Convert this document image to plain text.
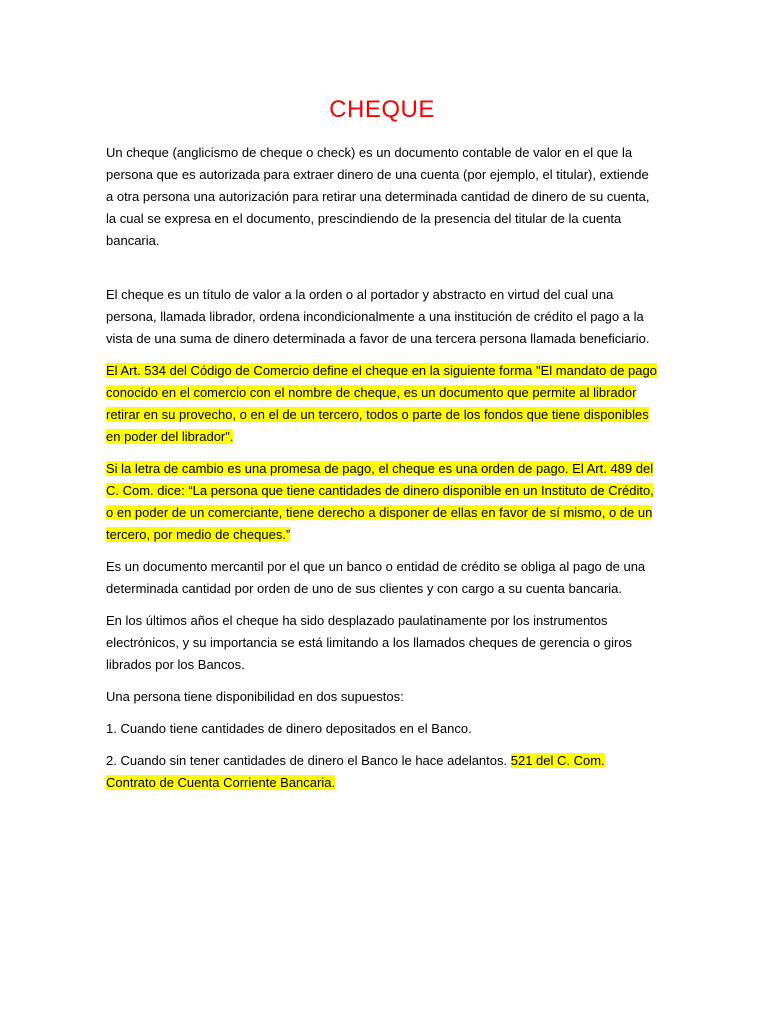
CHEQUE

Un cheque (anglicismo de cheque o check) es un documento contable de valor en el que la persona que es autorizada para extraer dinero de una cuenta (por ejemplo, el titular), extiende a otra persona una autorización para retirar una determinada cantidad de dinero de su cuenta, la cual se expresa en el documento, prescindiendo de la presencia del titular de la cuenta bancaria.

El cheque es un título de valor a la orden o al portador y abstracto en virtud del cual una persona, llamada librador, ordena incondicionalmente a una institución de crédito el pago a la vista de una suma de dinero determinada a favor de una tercera persona llamada beneficiario.

El Art. 534 del Código de Comercio define el cheque en la siguiente forma "El mandato de pago conocido en el comercio con el nombre de cheque, es un documento que permite al librador retirar en su provecho, o en el de un tercero, todos o parte de los fondos que tiene disponibles en poder del librador".

Si la letra de cambio es una promesa de pago, el cheque es una orden de pago. El Art. 489 del C. Com. dice: “La persona que tiene cantidades de dinero disponible en un Instituto de Crédito, o en poder de un comerciante, tiene derecho a disponer de ellas en favor de sí mismo, o de un tercero, por medio de cheques.”

Es un documento mercantil por el que un banco o entidad de crédito se obliga al pago de una determinada cantidad por orden de uno de sus clientes y con cargo a su cuenta bancaria.

En los últimos años el cheque ha sido desplazado paulatinamente por los instrumentos electrónicos, y su importancia se está limitando a los llamados cheques de gerencia o giros librados por los Bancos.

Una persona tiene disponibilidad en dos supuestos:

1. Cuando tiene cantidades de dinero depositados en el Banco.

2. Cuando sin tener cantidades de dinero el Banco le hace adelantos. 521 del C. Com. Contrato de Cuenta Corriente Bancaria.
